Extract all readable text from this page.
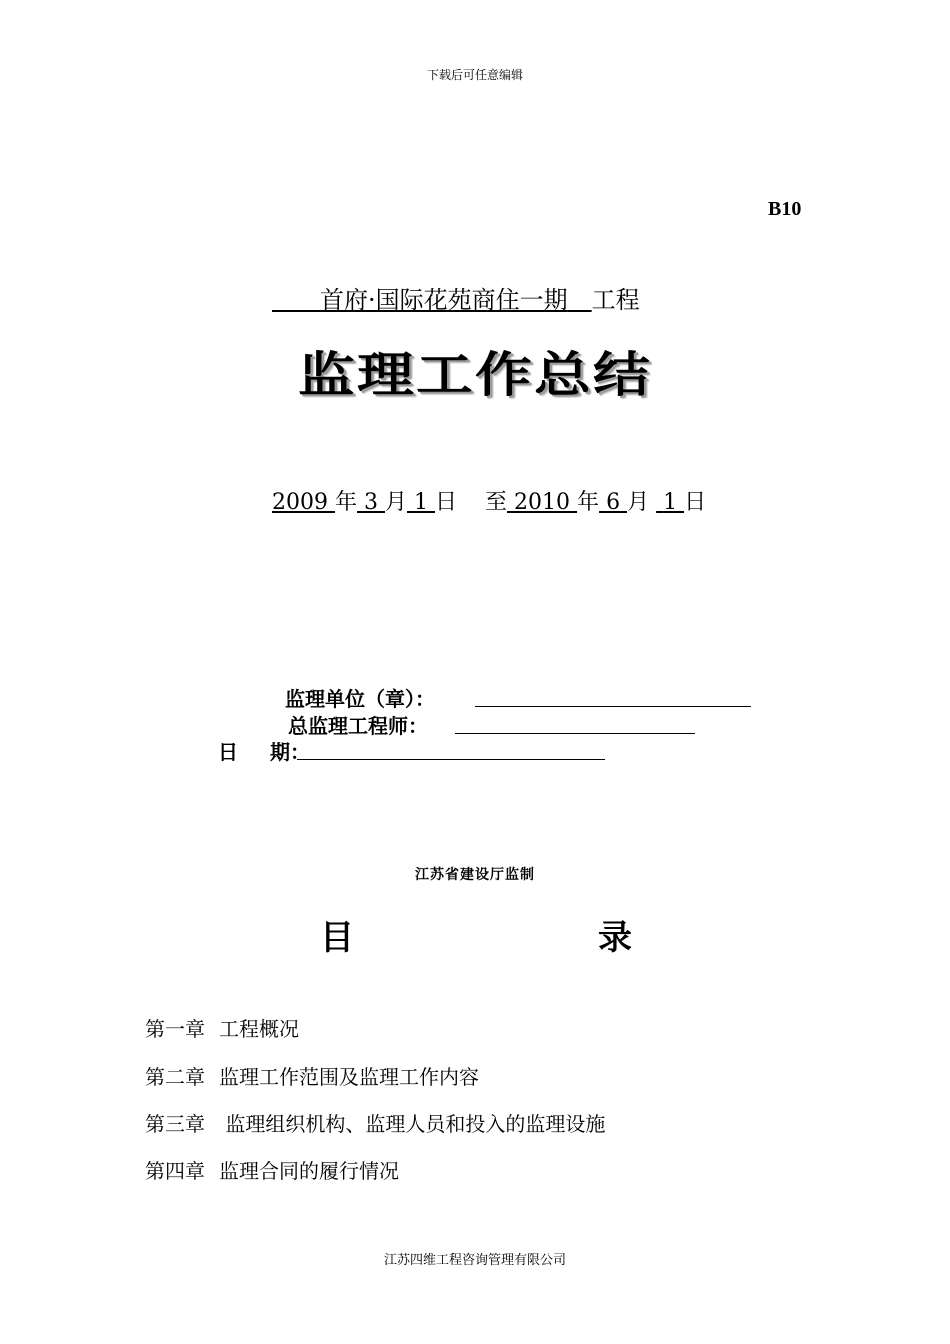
下载后可任意编辑
B10
　　首府·国际花苑商住一期　 工程
监理工作总结
2009 年 3 月 1 日 至 2010 年 6 月 1 日
监理单位（章）：
总监理工程师：
日 期：
江苏省建设厅监制
目	录
第一章 工程概况
第二章 监理工作范围及监理工作内容
第三章 监理组织机构、监理人员和投入的监理设施
第四章 监理合同的履行情况
江苏四维工程咨询管理有限公司
